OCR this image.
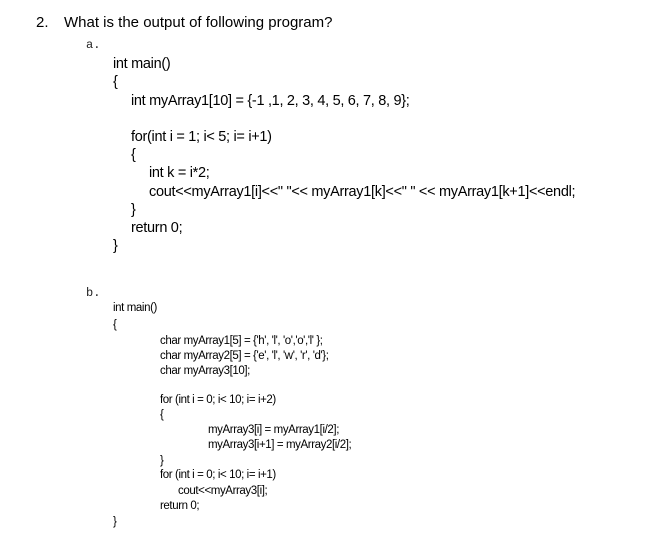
2. What is the output of following program?
a.
int main()
{
int myArray1[10] = {-1 ,1, 2, 3, 4, 5, 6, 7, 8, 9};
for(int i = 1; i< 5; i= i+1)
{
int k = i*2;
cout<<myArray1[i]<<" "<< myArray1[k]<<" " << myArray1[k+1]<<endl;
}
return 0;
}
b.
int main()
{
char myArray1[5] = {'h', 'l', 'o','o','l' };
char myArray2[5] = {'e', 'l', 'w', 'r', 'd'};
char myArray3[10];
for (int i = 0; i< 10; i= i+2)
{
myArray3[i] = myArray1[i/2];
myArray3[i+1] = myArray2[i/2];
}
for (int i = 0; i< 10; i= i+1)
cout<<myArray3[i];
return 0;
}
